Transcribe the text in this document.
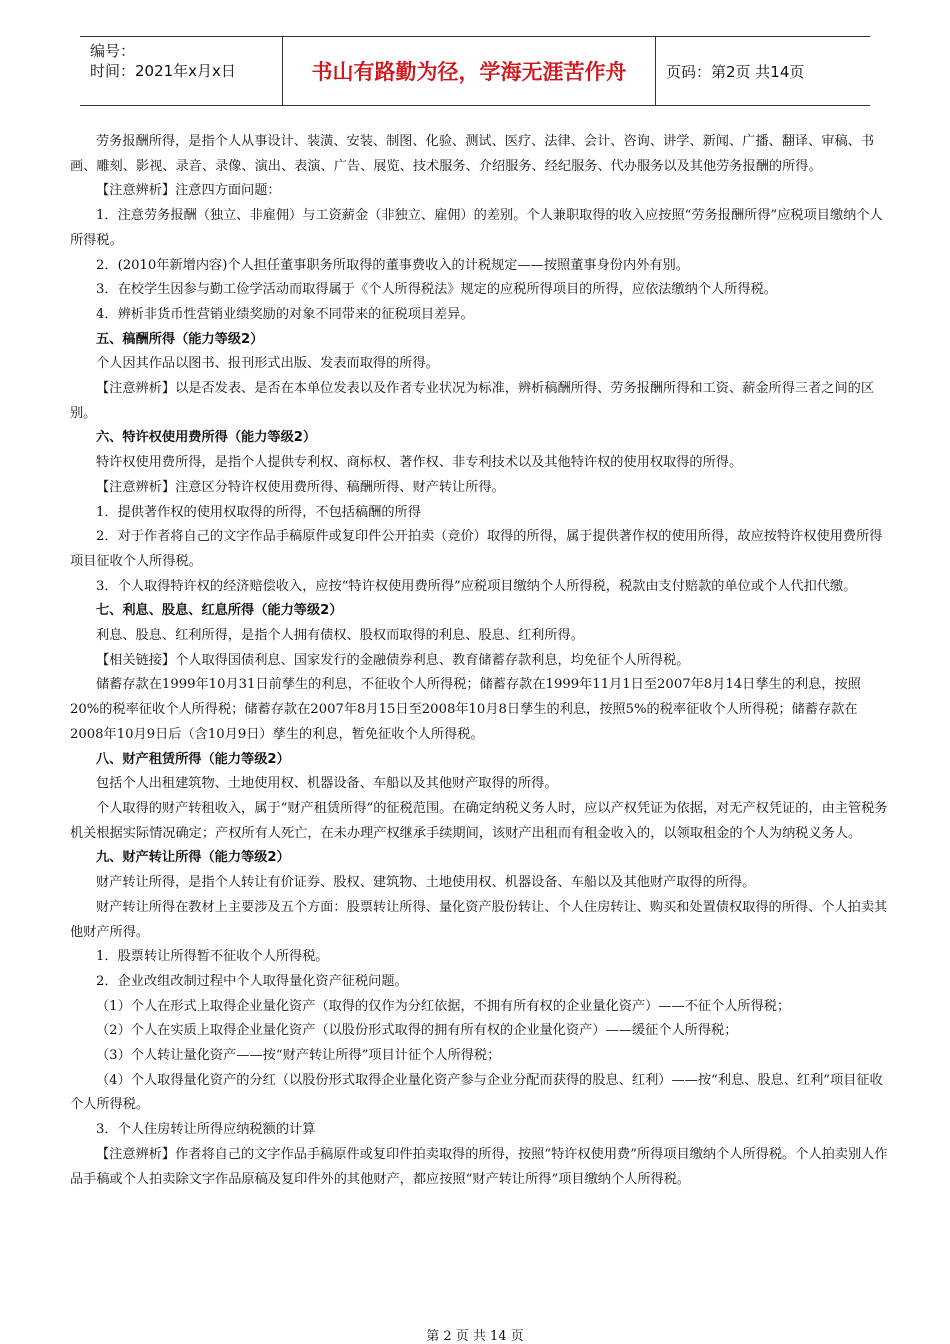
编号：
时间：2021年x月x日	书山有路勤为径，学海无涯苦作舟	页码：第2页 共14页

劳务报酬所得，是指个人从事设计、装潢、安装、制图、化验、测试、医疗、法律、会计、咨询、讲学、新闻、广播、翻译、审稿、书画、雕刻、影视、录音、录像、演出、表演、广告、展览、技术服务、介绍服务、经纪服务、代办服务以及其他劳务报酬的所得。

【注意辨析】注意四方面问题：

1．注意劳务报酬（独立、非雇佣）与工资薪金（非独立、雇佣）的差别。个人兼职取得的收入应按照“劳务报酬所得”应税项目缴纳个人所得税。

2．(2010年新增内容)个人担任董事职务所取得的董事费收入的计税规定——按照董事身份内外有别。

3．在校学生因参与勤工俭学活动而取得属于《个人所得税法》规定的应税所得项目的所得，应依法缴纳个人所得税。

4．辨析非货币性营销业绩奖励的对象不同带来的征税项目差异。

五、稿酬所得（能力等级2）

个人因其作品以图书、报刊形式出版、发表而取得的所得。

【注意辨析】以是否发表、是否在本单位发表以及作者专业状况为标准，辨析稿酬所得、劳务报酬所得和工资、薪金所得三者之间的区别。

六、特许权使用费所得（能力等级2）

特许权使用费所得，是指个人提供专利权、商标权、著作权、非专利技术以及其他特许权的使用权取得的所得。

【注意辨析】注意区分特许权使用费所得、稿酬所得、财产转让所得。

1．提供著作权的使用权取得的所得，不包括稿酬的所得

2．对于作者将自己的文字作品手稿原件或复印件公开拍卖（竞价）取得的所得，属于提供著作权的使用所得，故应按特许权使用费所得项目征收个人所得税。

3．个人取得特许权的经济赔偿收入，应按“特许权使用费所得”应税项目缴纳个人所得税，税款由支付赔款的单位或个人代扣代缴。

七、利息、股息、红息所得（能力等级2）

利息、股息、红利所得，是指个人拥有债权、股权而取得的利息、股息、红利所得。

【相关链接】个人取得国债利息、国家发行的金融债券利息、教育储蓄存款利息，均免征个人所得税。

储蓄存款在1999年10月31日前孳生的利息，不征收个人所得税；储蓄存款在1999年11月1日至2007年8月14日孳生的利息，按照20%的税率征收个人所得税；储蓄存款在2007年8月15日至2008年10月8日孳生的利息，按照5%的税率征收个人所得税；储蓄存款在2008年10月9日后（含10月9日）孳生的利息，暂免征收个人所得税。

八、财产租赁所得（能力等级2）

包括个人出租建筑物、土地使用权、机器设备、车船以及其他财产取得的所得。

个人取得的财产转租收入，属于“财产租赁所得”的征税范围。在确定纳税义务人时，应以产权凭证为依据，对无产权凭证的，由主管税务机关根据实际情况确定；产权所有人死亡，在未办理产权继承手续期间，该财产出租而有租金收入的，以领取租金的个人为纳税义务人。

九、财产转让所得（能力等级2）

财产转让所得，是指个人转让有价证券、股权、建筑物、土地使用权、机器设备、车船以及其他财产取得的所得。

财产转让所得在教材上主要涉及五个方面：股票转让所得、量化资产股份转让、个人住房转让、购买和处置债权取得的所得、个人拍卖其他财产所得。

1．股票转让所得暂不征收个人所得税。

2．企业改组改制过程中个人取得量化资产征税问题。

（1）个人在形式上取得企业量化资产（取得的仅作为分红依据，不拥有所有权的企业量化资产）——不征个人所得税；

（2）个人在实质上取得企业量化资产（以股份形式取得的拥有所有权的企业量化资产）——缓征个人所得税；

（3）个人转让量化资产——按“财产转让所得”项目计征个人所得税；

（4）个人取得量化资产的分红（以股份形式取得企业量化资产参与企业分配而获得的股息、红利）——按“利息、股息、红利”项目征收个人所得税。

3．个人住房转让所得应纳税额的计算

【注意辨析】作者将自己的文字作品手稿原件或复印件拍卖取得的所得，按照“特许权使用费”所得项目缴纳个人所得税。个人拍卖别人作品手稿或个人拍卖除文字作品原稿及复印件外的其他财产，都应按照“财产转让所得”项目缴纳个人所得税。

第 2 页 共 14 页
